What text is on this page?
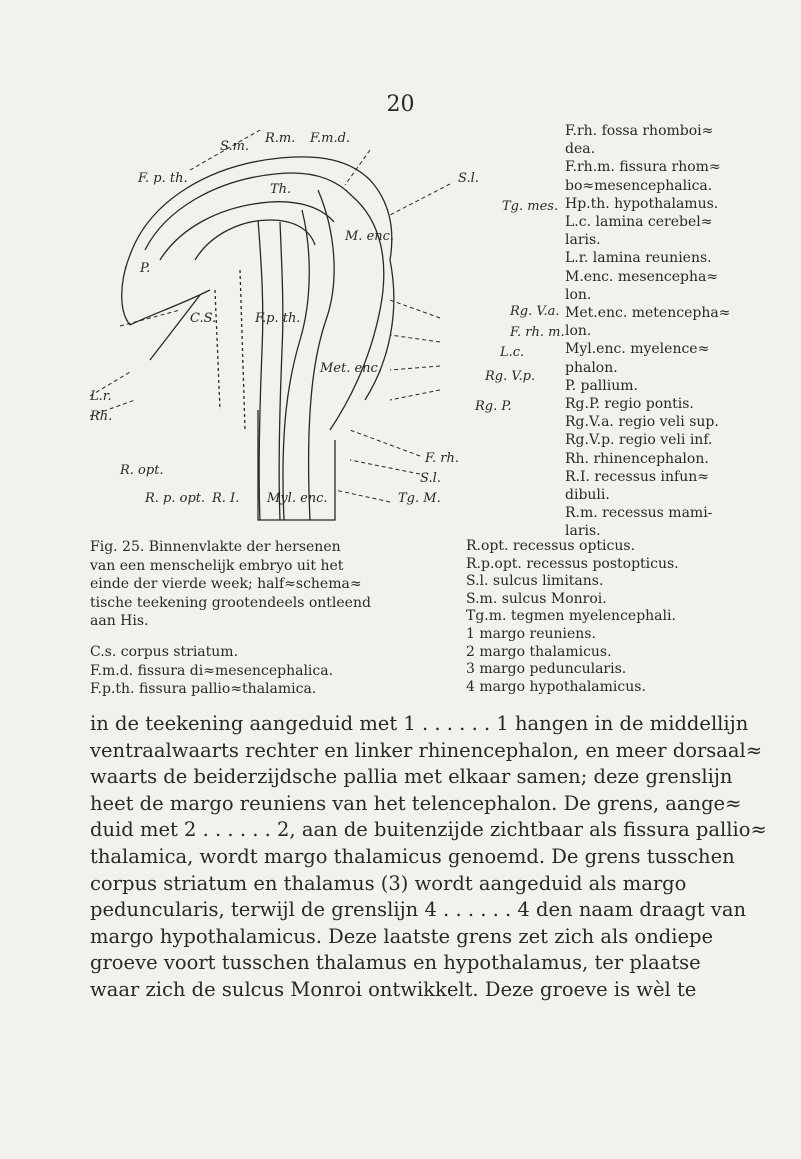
20
S.m.
R.m. F.m.d.
F. p. th.	S.l.
Th.
Tg. mes.
M. enc.
P.
C.S.	F.p. th.	Rg. V.a.
F. rh. m.
L.c.
Met. enc.
Rg. V.p.
Rg. P.
L.r.
Rh.
F. rh.
S.l.
R. opt.
R. p. opt. R. I. Myl. enc.	Tg. M.
F.rh. fossa rhomboi≈
dea.
F.rh.m. fissura rhom≈
bo≈mesencephalica.
Hp.th. hypothalamus.
L.c. lamina cerebel≈
laris.
L.r. lamina reuniens.
M.enc. mesencepha≈
lon.
Met.enc. metencepha≈
lon.
Myl.enc. myelence≈
phalon.
P. pallium.
Rg.P. regio pontis.
Rg.V.a. regio veli sup.
Rg.V.p. regio veli inf.
Rh. rhinencephalon.
R.I. recessus infun≈
dibuli.
R.m. recessus mami-
laris.
Fig. 25. Binnenvlakte der hersenen
van een menschelijk embryo uit het
einde der vierde week; half≈schema≈
tische teekening grootendeels ontleend
aan His.
C.s. corpus striatum.
F.m.d. fissura di≈mesencephalica.
F.p.th. fissura pallio≈thalamica.
R.opt. recessus opticus.
R.p.opt. recessus postopticus.
S.l. sulcus limitans.
S.m. sulcus Monroi.
Tg.m. tegmen myelencephali.
1 margo reuniens.
2 margo thalamicus.
3 margo peduncularis.
4 margo hypothalamicus.

in de teekening aangeduid met 1 . . . . . . 1 hangen in de middellijn

ventraalwaarts rechter en linker rhinencephalon, en meer dorsaal≈

waarts de beiderzijdsche pallia met elkaar samen; deze grenslijn

heet de margo reuniens van het telencephalon. De grens, aange≈

duid met 2 . . . . . . 2, aan de buitenzijde zichtbaar als fissura pallio≈

thalamica, wordt margo thalamicus genoemd. De grens tusschen

corpus striatum en thalamus (3) wordt aangeduid als margo

peduncularis, terwijl de grenslijn 4 . . . . . . 4 den naam draagt van

margo hypothalamicus. Deze laatste grens zet zich als ondiepe

groeve voort tusschen thalamus en hypothalamus, ter plaatse

waar zich de sulcus Monroi ontwikkelt. Deze groeve is wèl te
